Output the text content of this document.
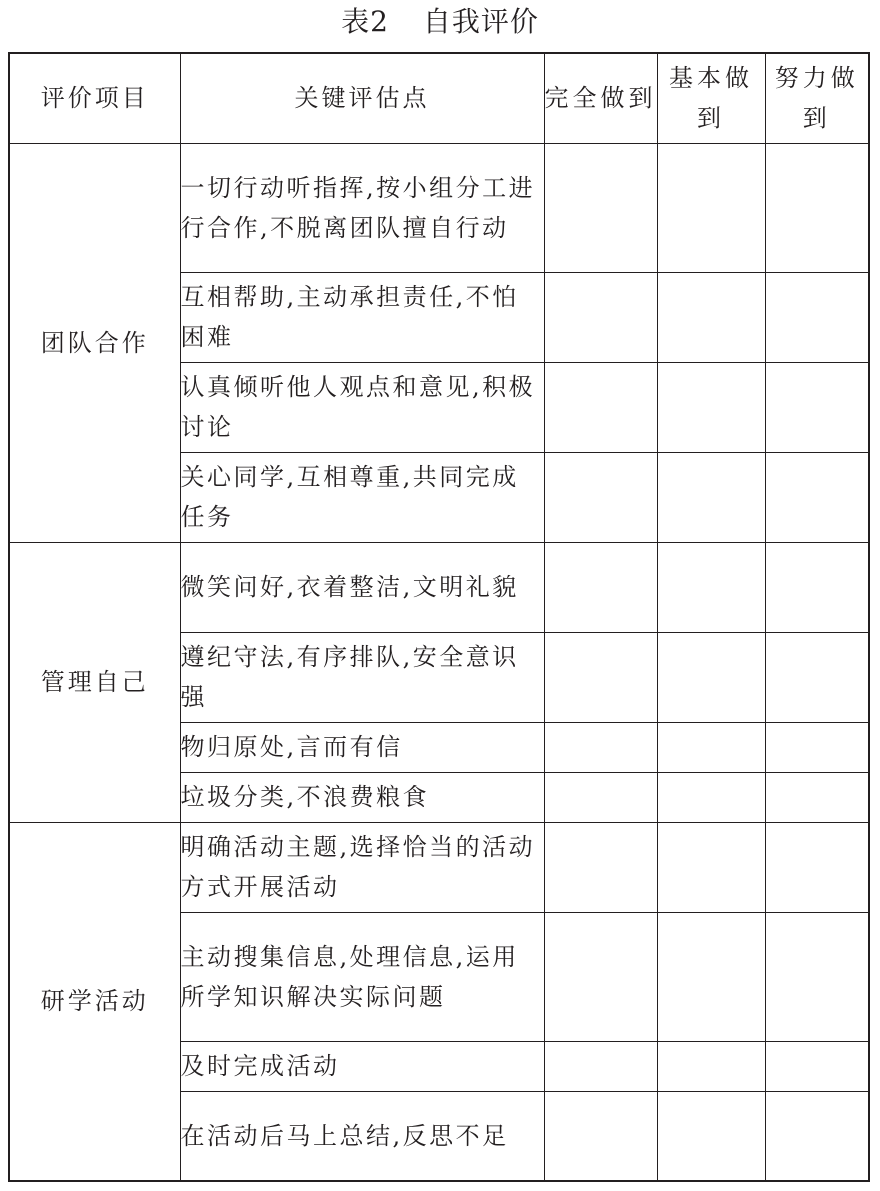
表2 自我评价
评价项目	关键评估点	完全做到	基本做到	努力做到
团队合作	一切行动听指挥,按小组分工进行合作,不脱离团队擅自行动			
	互相帮助,主动承担责任,不怕困难			
	认真倾听他人观点和意见,积极讨论			
	关心同学,互相尊重,共同完成任务			
管理自己	微笑问好,衣着整洁,文明礼貌			
	遵纪守法,有序排队,安全意识强			
	物归原处,言而有信			
	垃圾分类,不浪费粮食			
研学活动	明确活动主题,选择恰当的活动方式开展活动			
	主动搜集信息,处理信息,运用所学知识解决实际问题			
	及时完成活动			
	在活动后马上总结,反思不足			
